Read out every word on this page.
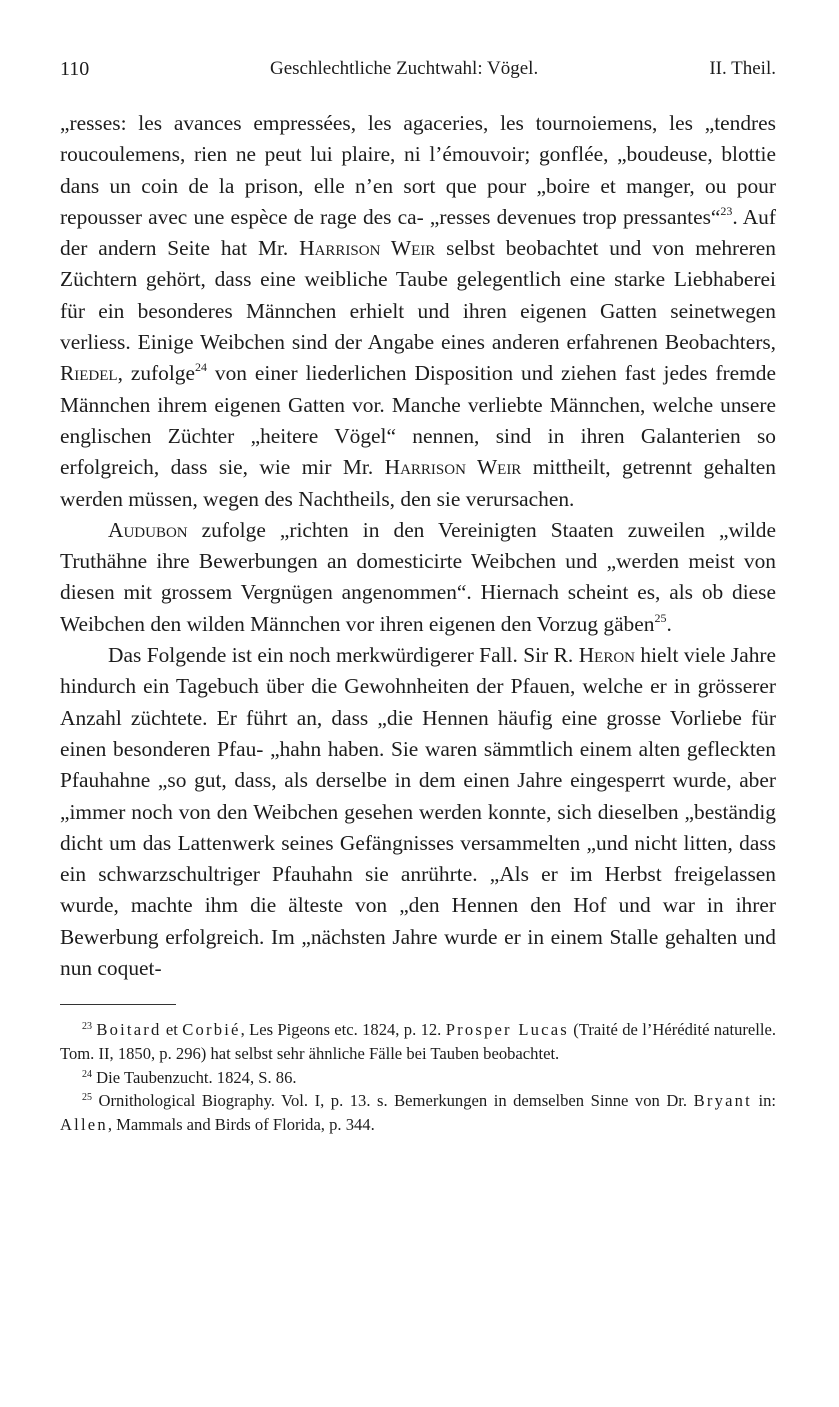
110	Geschlechtliche Zuchtwahl: Vögel.	II. Theil.

„resses: les avances empressées, les agaceries, les tournoiemens, les „tendres roucoulemens, rien ne peut lui plaire, ni l’émouvoir; gonflée, „boudeuse, blottie dans un coin de la prison, elle n’en sort que pour „boire et manger, ou pour repousser avec une espèce de rage des ca- „resses devenues trop pressantes“$^{23}$. Auf der andern Seite hat Mr. Harrison Weir selbst beobachtet und von mehreren Züchtern gehört, dass eine weibliche Taube gelegentlich eine starke Liebhaberei für ein besonderes Männchen erhielt und ihren eigenen Gatten seinetwegen verliess. Einige Weibchen sind der Angabe eines anderen erfahrenen Beobachters, Riedel, zufolge$^{24}$ von einer liederlichen Disposition und ziehen fast jedes fremde Männchen ihrem eigenen Gatten vor. Manche verliebte Männchen, welche unsere englischen Züchter „heitere Vögel“ nennen, sind in ihren Galanterien so erfolgreich, dass sie, wie mir Mr. Harrison Weir mittheilt, getrennt gehalten werden müssen, wegen des Nachtheils, den sie verursachen.

Audubon zufolge „richten in den Vereinigten Staaten zuweilen „wilde Truthähne ihre Bewerbungen an domesticirte Weibchen und „werden meist von diesen mit grossem Vergnügen angenommen“. Hiernach scheint es, als ob diese Weibchen den wilden Männchen vor ihren eigenen den Vorzug gäben$^{25}$.

Das Folgende ist ein noch merkwürdigerer Fall. Sir R. Heron hielt viele Jahre hindurch ein Tagebuch über die Gewohnheiten der Pfauen, welche er in grösserer Anzahl züchtete. Er führt an, dass „die Hennen häufig eine grosse Vorliebe für einen besonderen Pfau- „hahn haben. Sie waren sämmtlich einem alten gefleckten Pfauhahne „so gut, dass, als derselbe in dem einen Jahre eingesperrt wurde, aber „immer noch von den Weibchen gesehen werden konnte, sich dieselben „beständig dicht um das Lattenwerk seines Gefängnisses versammelten „und nicht litten, dass ein schwarzschultriger Pfauhahn sie anrührte. „Als er im Herbst freigelassen wurde, machte ihm die älteste von „den Hennen den Hof und war in ihrer Bewerbung erfolgreich. Im „nächsten Jahre wurde er in einem Stalle gehalten und nun coquet-

$^{23}$ Boitard et Corbié, Les Pigeons etc. 1824, p. 12. Prosper Lucas (Traité de l’Hérédité naturelle. Tom. II, 1850, p. 296) hat selbst sehr ähnliche Fälle bei Tauben beobachtet.

$^{24}$ Die Taubenzucht. 1824, S. 86.

$^{25}$ Ornithological Biography. Vol. I, p. 13. s. Bemerkungen in demselben Sinne von Dr. Bryant in: Allen, Mammals and Birds of Florida, p. 344.
